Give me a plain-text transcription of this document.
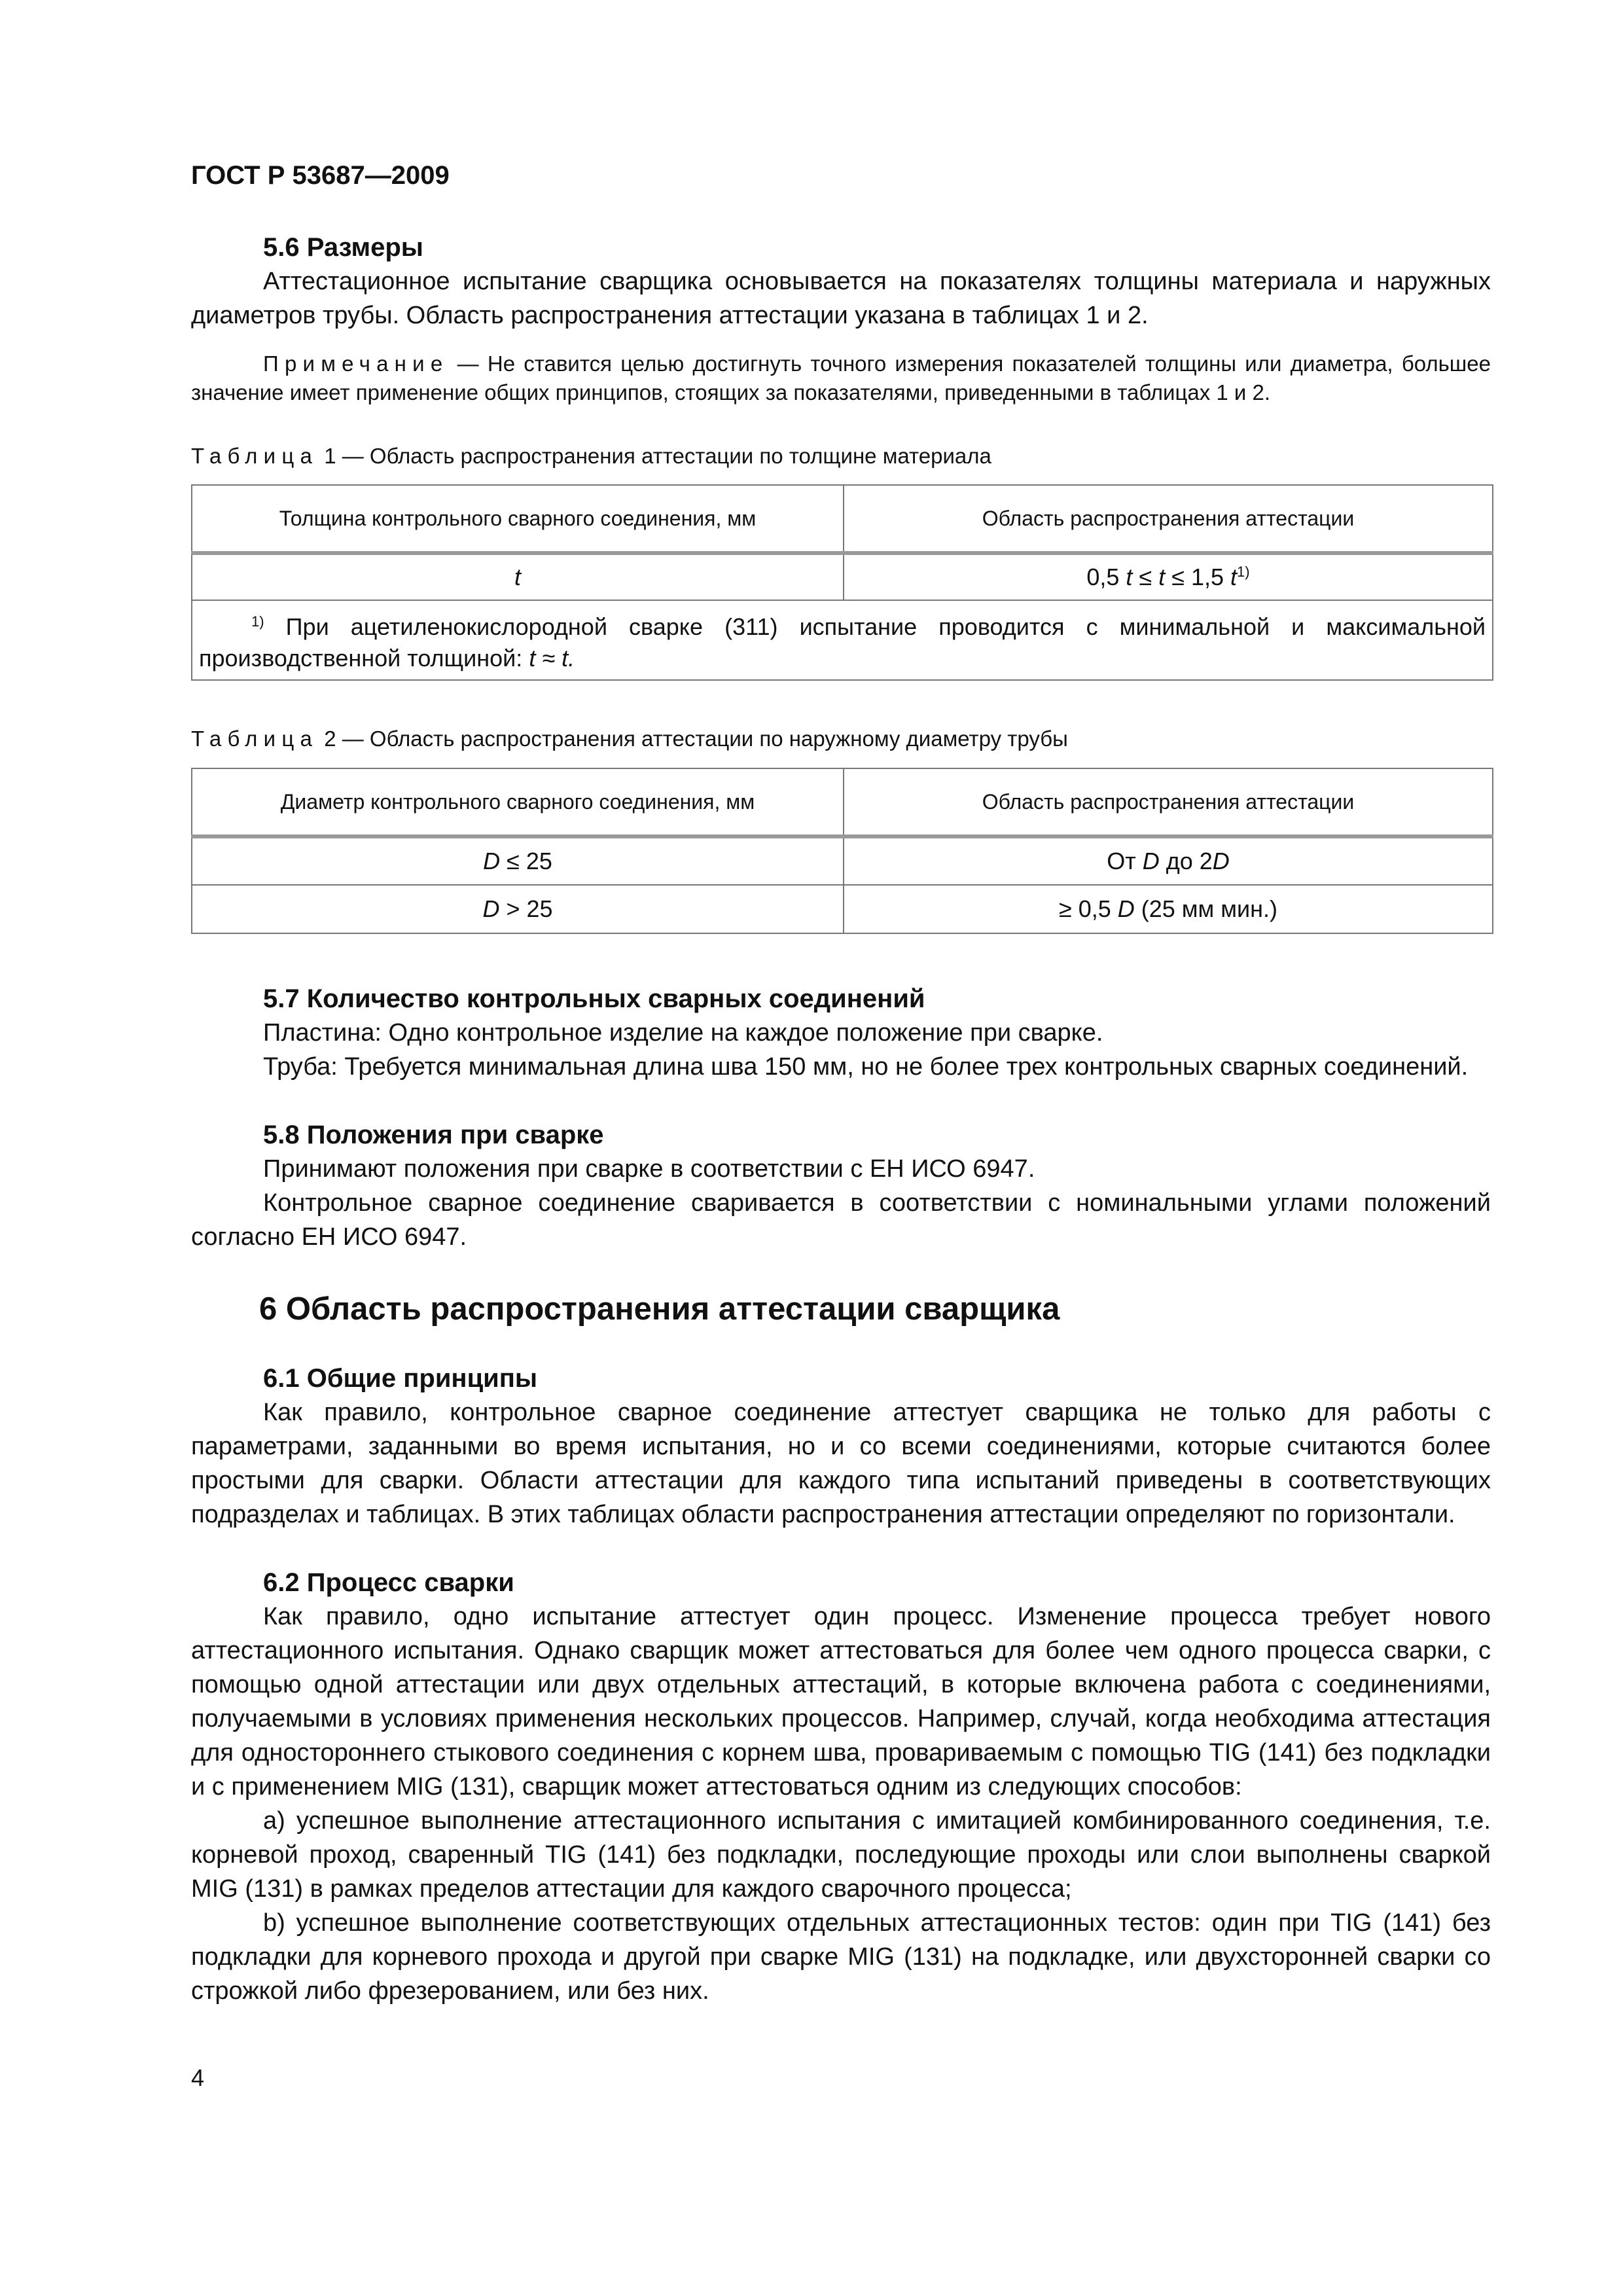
ГОСТ Р 53687—2009
5.6 Размеры

Аттестационное испытание сварщика основывается на показателях толщины материала и наружных диаметров трубы. Область распространения аттестации указана в таблицах 1 и 2.

Примечание — Не ставится целью достигнуть точного измерения показателей толщины или диаметра, большее значение имеет применение общих принципов, стоящих за показателями, приведенными в таблицах 1 и 2.

Таблица 1 — Область распространения аттестации по толщине материала
Толщина контрольного сварного соединения, мм	Область распространения аттестации
t	0,5 t ≤ t ≤ 1,5 $t^{1)}$
$^{1)}$ При ацетиленокислородной сварке (311) испытание проводится с минимальной и максимальной производственной толщиной: t ≈ t.	
Таблица 2 — Область распространения аттестации по наружному диаметру трубы
Диаметр контрольного сварного соединения, мм	Область распространения аттестации
D ≤ 25	От D до 2D
D > 25	≥ 0,5 D (25 мм мин.)
5.7 Количество контрольных сварных соединений

Пластина: Одно контрольное изделие на каждое положение при сварке.

Труба: Требуется минимальная длина шва 150 мм, но не более трех контрольных сварных соединений.

5.8 Положения при сварке

Принимают положения при сварке в соответствии с ЕН ИСО 6947.

Контрольное сварное соединение сваривается в соответствии с номинальными углами положений согласно ЕН ИСО 6947.

6 Область распространения аттестации сварщика
6.1 Общие принципы

Как правило, контрольное сварное соединение аттестует сварщика не только для работы с параметрами, заданными во время испытания, но и со всеми соединениями, которые считаются более простыми для сварки. Области аттестации для каждого типа испытаний приведены в соответствующих подразделах и таблицах. В этих таблицах области распространения аттестации определяют по горизонтали.

6.2 Процесс сварки

Как правило, одно испытание аттестует один процесс. Изменение процесса требует нового аттестационного испытания. Однако сварщик может аттестоваться для более чем одного процесса сварки, с помощью одной аттестации или двух отдельных аттестаций, в которые включена работа с соединениями, получаемыми в условиях применения нескольких процессов. Например, случай, когда необходима аттестация для одностороннего стыкового соединения с корнем шва, провариваемым с помощью TIG (141) без подкладки и с применением MIG (131), сварщик может аттестоваться одним из следующих способов:

a) успешное выполнение аттестационного испытания с имитацией комбинированного соединения, т.е. корневой проход, сваренный TIG (141) без подкладки, последующие проходы или слои выполнены сваркой MIG (131) в рамках пределов аттестации для каждого сварочного процесса;

b) успешное выполнение соответствующих отдельных аттестационных тестов: один при TIG (141) без подкладки для корневого прохода и другой при сварке MIG (131) на подкладке, или двухсторонней сварки со строжкой либо фрезерованием, или без них.

4
